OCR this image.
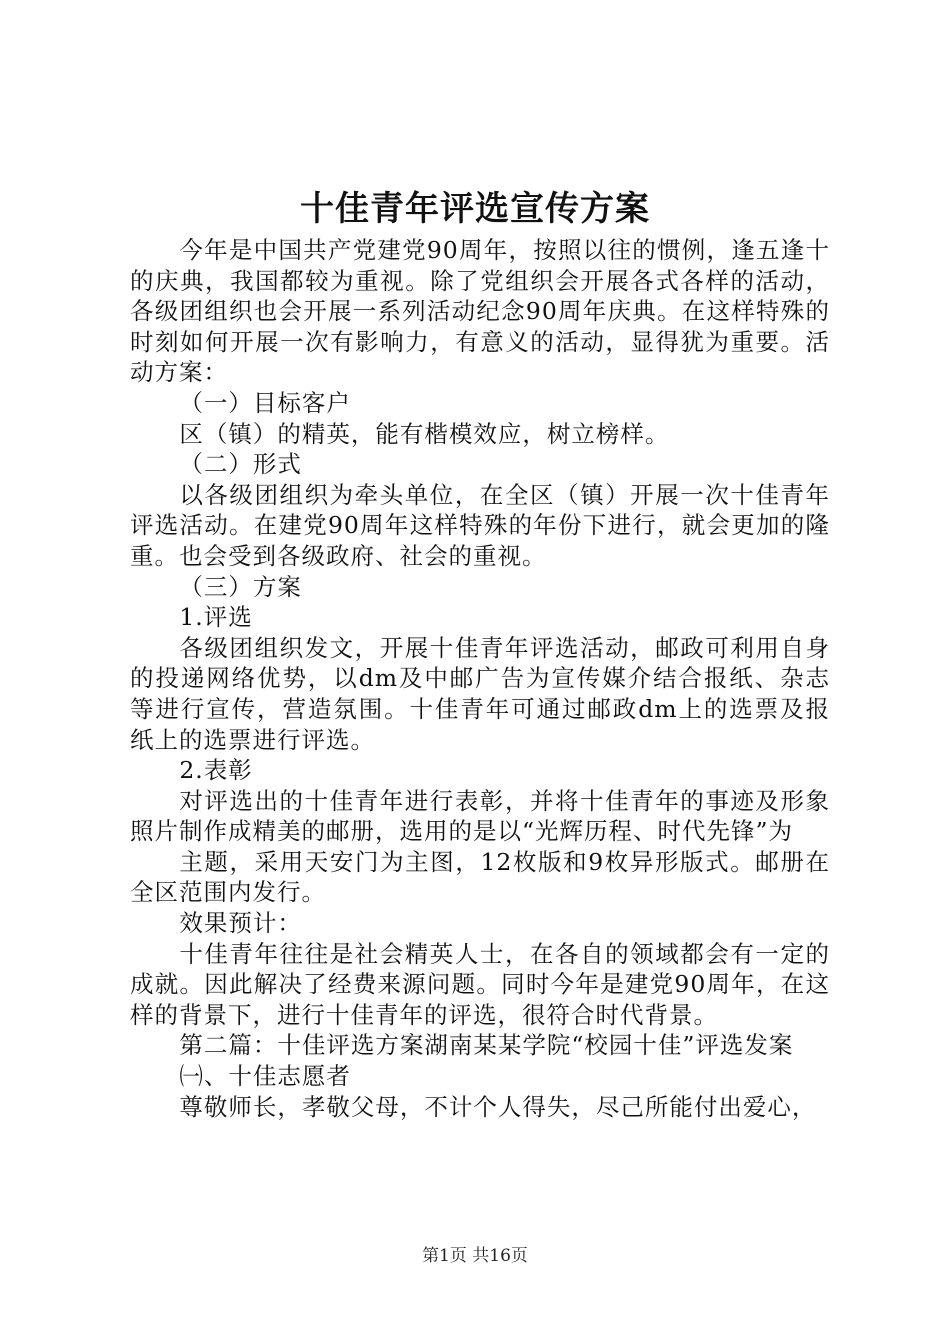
十佳青年评选宣传方案

今年是中国共产党建党90周年，按照以往的惯例，逢五逢十的庆典，我国都较为重视。除了党组织会开展各式各样的活动，各级团组织也会开展一系列活动纪念90周年庆典。在这样特殊的时刻如何开展一次有影响力，有意义的活动，显得犹为重要。活动方案：

（一）目标客户

区（镇）的精英，能有楷模效应，树立榜样。

（二）形式

以各级团组织为牵头单位，在全区（镇）开展一次十佳青年评选活动。在建党90周年这样特殊的年份下进行，就会更加的隆重。也会受到各级政府、社会的重视。

（三）方案

1.评选

各级团组织发文，开展十佳青年评选活动，邮政可利用自身的投递网络优势，以dm及中邮广告为宣传媒介结合报纸、杂志等进行宣传，营造氛围。十佳青年可通过邮政dm上的选票及报纸上的选票进行评选。

2.表彰

对评选出的十佳青年进行表彰，并将十佳青年的事迹及形象照片制作成精美的邮册，选用的是以“光辉历程、时代先锋”为

主题，采用天安门为主图，12枚版和9枚异形版式。邮册在全区范围内发行。

效果预计：

十佳青年往往是社会精英人士，在各自的领域都会有一定的成就。因此解决了经费来源问题。同时今年是建党90周年，在这样的背景下，进行十佳青年的评选，很符合时代背景。

第二篇：十佳评选方案湖南某某学院“校园十佳”评选发案

㈠、十佳志愿者

尊敬师长，孝敬父母，不计个人得失，尽己所能付出爱心，

第1页 共16页
